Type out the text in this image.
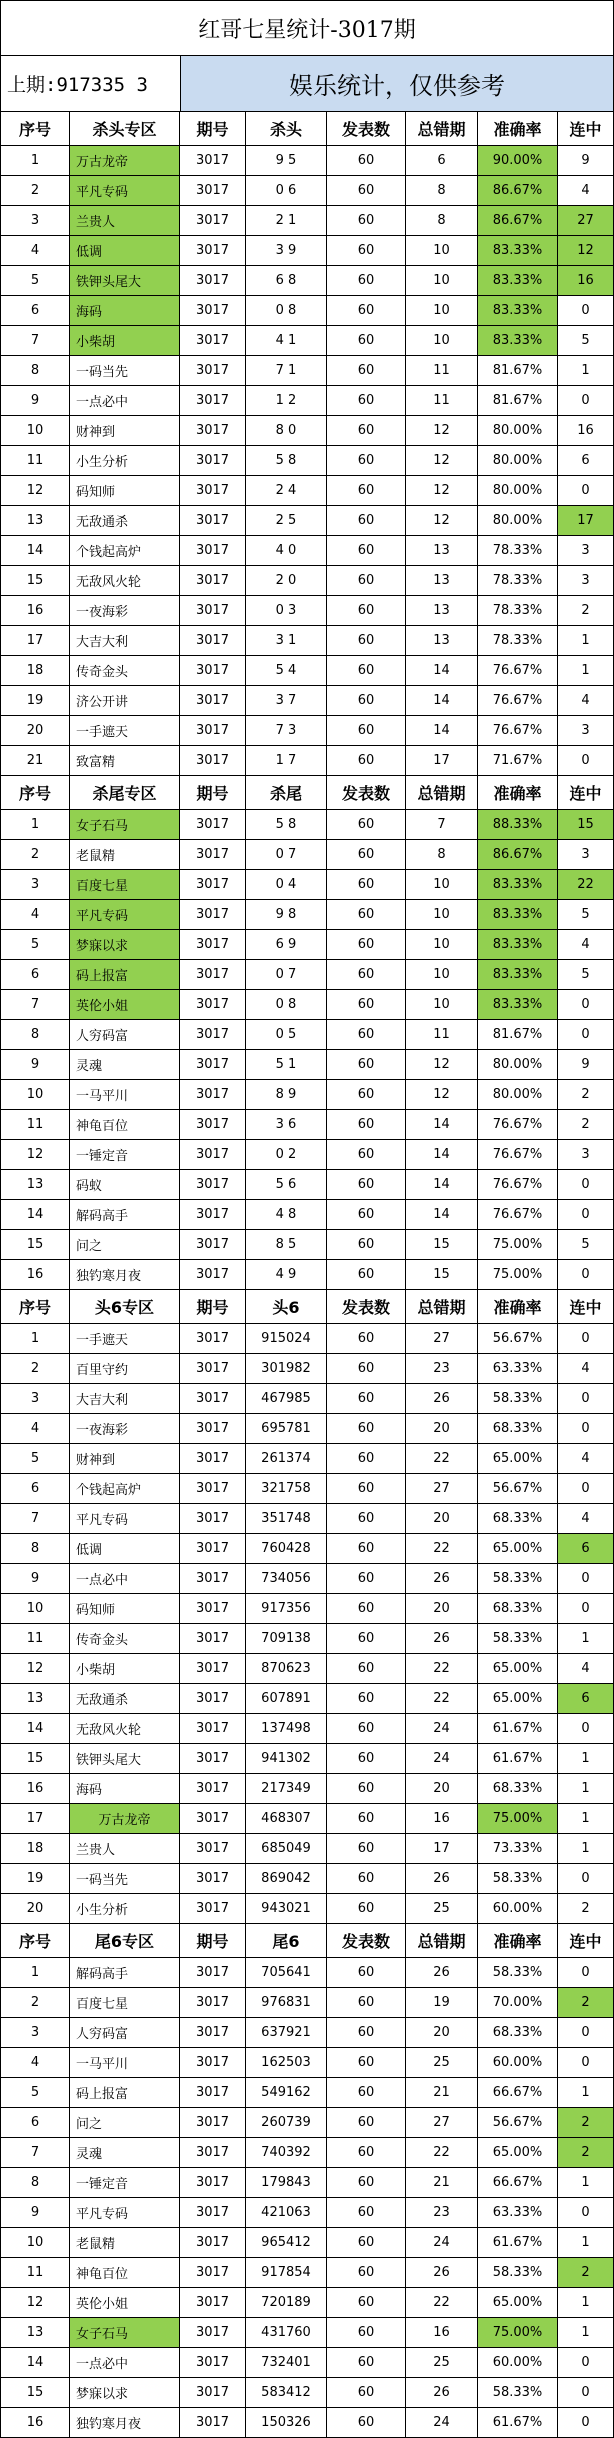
红哥七星统计-3017期
上期:917335 3	娱乐统计，仅供参考
序号	杀头专区	期号	杀头	发表数	总错期	准确率	连中
1	万古龙帝	3017	9 5	60	6	90.00%	9
2	平凡专码	3017	0 6	60	8	86.67%	4
3	兰贵人	3017	2 1	60	8	86.67%	27
4	低调	3017	3 9	60	10	83.33%	12
5	铁钾头尾大	3017	6 8	60	10	83.33%	16
6	海码	3017	0 8	60	10	83.33%	0
7	小柴胡	3017	4 1	60	10	83.33%	5
8	一码当先	3017	7 1	60	11	81.67%	1
9	一点必中	3017	1 2	60	11	81.67%	0
10	财神到	3017	8 0	60	12	80.00%	16
11	小生分析	3017	5 8	60	12	80.00%	6
12	码知师	3017	2 4	60	12	80.00%	0
13	无敌通杀	3017	2 5	60	12	80.00%	17
14	个钱起高炉	3017	4 0	60	13	78.33%	3
15	无敌风火轮	3017	2 0	60	13	78.33%	3
16	一夜海彩	3017	0 3	60	13	78.33%	2
17	大吉大利	3017	3 1	60	13	78.33%	1
18	传奇金头	3017	5 4	60	14	76.67%	1
19	济公开讲	3017	3 7	60	14	76.67%	4
20	一手遮天	3017	7 3	60	14	76.67%	3
21	致富精	3017	1 7	60	17	71.67%	0
序号	杀尾专区	期号	杀尾	发表数	总错期	准确率	连中
1	女子石马	3017	5 8	60	7	88.33%	15
2	老鼠精	3017	0 7	60	8	86.67%	3
3	百度七星	3017	0 4	60	10	83.33%	22
4	平凡专码	3017	9 8	60	10	83.33%	5
5	梦寐以求	3017	6 9	60	10	83.33%	4
6	码上报富	3017	0 7	60	10	83.33%	5
7	英伦小姐	3017	0 8	60	10	83.33%	0
8	人穷码富	3017	0 5	60	11	81.67%	0
9	灵魂	3017	5 1	60	12	80.00%	9
10	一马平川	3017	8 9	60	12	80.00%	2
11	神龟百位	3017	3 6	60	14	76.67%	2
12	一锤定音	3017	0 2	60	14	76.67%	3
13	码蚁	3017	5 6	60	14	76.67%	0
14	解码高手	3017	4 8	60	14	76.67%	0
15	问之	3017	8 5	60	15	75.00%	5
16	独钓寒月夜	3017	4 9	60	15	75.00%	0
序号	头6专区	期号	头6	发表数	总错期	准确率	连中
1	一手遮天	3017	915024	60	27	56.67%	0
2	百里守约	3017	301982	60	23	63.33%	4
3	大吉大利	3017	467985	60	26	58.33%	0
4	一夜海彩	3017	695781	60	20	68.33%	0
5	财神到	3017	261374	60	22	65.00%	4
6	个钱起高炉	3017	321758	60	27	56.67%	0
7	平凡专码	3017	351748	60	20	68.33%	4
8	低调	3017	760428	60	22	65.00%	6
9	一点必中	3017	734056	60	26	58.33%	0
10	码知师	3017	917356	60	20	68.33%	0
11	传奇金头	3017	709138	60	26	58.33%	1
12	小柴胡	3017	870623	60	22	65.00%	4
13	无敌通杀	3017	607891	60	22	65.00%	6
14	无敌风火轮	3017	137498	60	24	61.67%	0
15	铁钾头尾大	3017	941302	60	24	61.67%	1
16	海码	3017	217349	60	20	68.33%	1
17	万古龙帝	3017	468307	60	16	75.00%	1
18	兰贵人	3017	685049	60	17	73.33%	1
19	一码当先	3017	869042	60	26	58.33%	0
20	小生分析	3017	943021	60	25	60.00%	2
序号	尾6专区	期号	尾6	发表数	总错期	准确率	连中
1	解码高手	3017	705641	60	26	58.33%	0
2	百度七星	3017	976831	60	19	70.00%	2
3	人穷码富	3017	637921	60	20	68.33%	0
4	一马平川	3017	162503	60	25	60.00%	0
5	码上报富	3017	549162	60	21	66.67%	1
6	问之	3017	260739	60	27	56.67%	2
7	灵魂	3017	740392	60	22	65.00%	2
8	一锤定音	3017	179843	60	21	66.67%	1
9	平凡专码	3017	421063	60	23	63.33%	0
10	老鼠精	3017	965412	60	24	61.67%	1
11	神龟百位	3017	917854	60	26	58.33%	2
12	英伦小姐	3017	720189	60	22	65.00%	1
13	女子石马	3017	431760	60	16	75.00%	1
14	一点必中	3017	732401	60	25	60.00%	0
15	梦寐以求	3017	583412	60	26	58.33%	0
16	独钓寒月夜	3017	150326	60	24	61.67%	0
